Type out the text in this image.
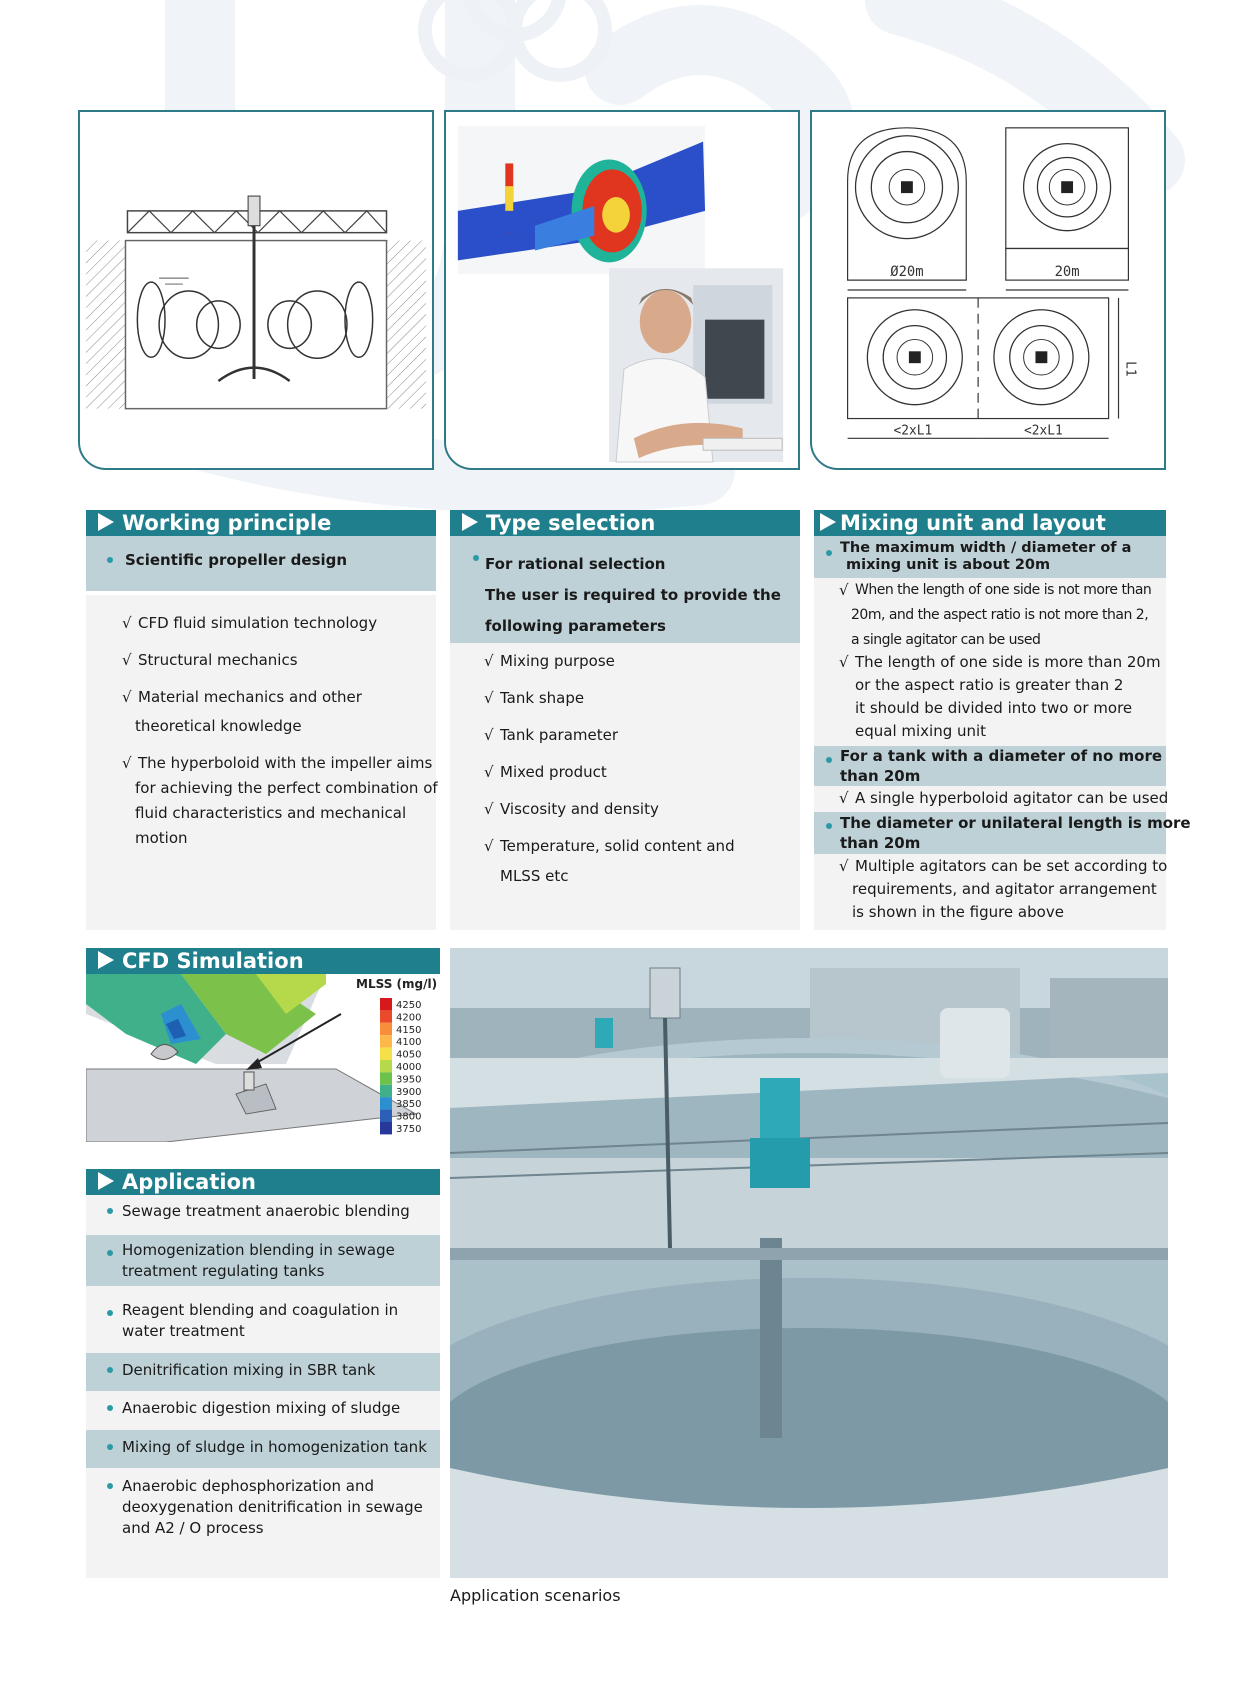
Ø20m	20m
<2xL1	<2xL1
L1
Working principle
Scientific propeller design
√ CFD fluid simulation technology
√ Structural mechanics
√ Material mechanics and other
theoretical knowledge
√ The hyperboloid with the impeller aims
for achieving the perfect combination of
fluid characteristics and mechanical
motion
Type selection
For rational selection
The user is required to provide the
following parameters
√ Mixing purpose
√ Tank shape
√ Tank parameter
√ Mixed product
√ Viscosity and density
√ Temperature, solid content and
MLSS etc
Mixing unit and layout
The maximum width / diameter of a
mixing unit is about 20m
√ When the length of one side is not more than
20m, and the aspect ratio is not more than 2,
a single agitator can be used
√ The length of one side is more than 20m
or the aspect ratio is greater than 2
it should be divided into two or more
equal mixing unit
For a tank with a diameter of no more
than 20m
√ A single hyperboloid agitator can be used
The diameter or unilateral length is more
than 20m
√ Multiple agitators can be set according to
requirements, and agitator arrangement
is shown in the figure above
CFD Simulation
MLSS (mg/l)
4250
4200
4150
4100
4050
4000
3950
3900
3850
3800
3750
Application
Sewage treatment anaerobic blending
Homogenization blending in sewage
treatment regulating tanks
Reagent blending and coagulation in
water treatment
Denitrification mixing in SBR tank
Anaerobic digestion mixing of sludge
Mixing of sludge in homogenization tank
Anaerobic dephosphorization and
deoxygenation denitrification in sewage
and A2 / O process
Application scenarios
